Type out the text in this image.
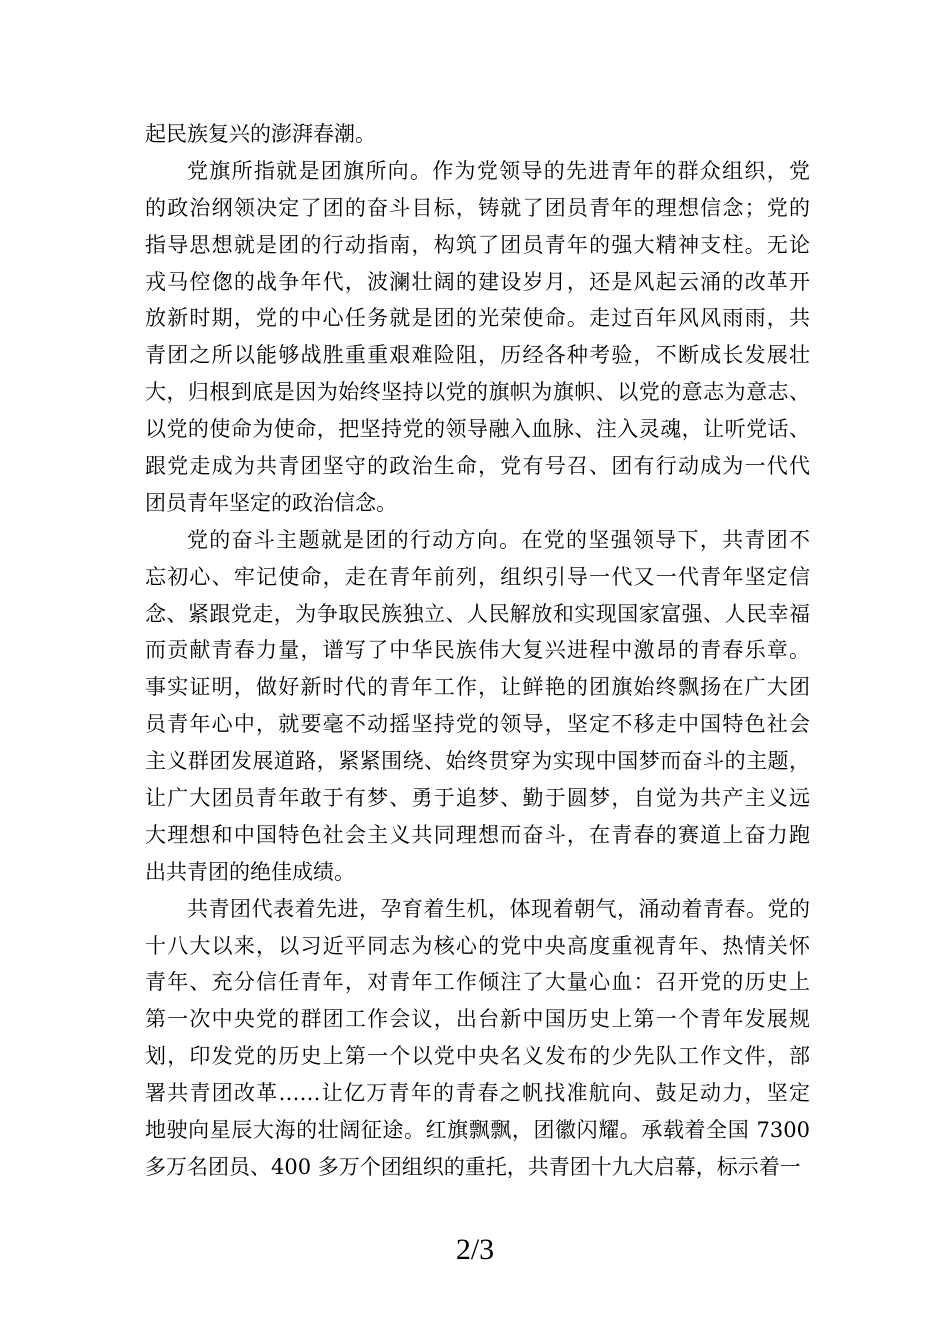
起民族复兴的澎湃春潮。
党旗所指就是团旗所向。作为党领导的先进青年的群众组织，党
的政治纲领决定了团的奋斗目标，铸就了团员青年的理想信念；党的
指导思想就是团的行动指南，构筑了团员青年的强大精神支柱。无论
戎马倥偬的战争年代，波澜壮阔的建设岁月，还是风起云涌的改革开
放新时期，党的中心任务就是团的光荣使命。走过百年风风雨雨，共
青团之所以能够战胜重重艰难险阻，历经各种考验，不断成长发展壮
大，归根到底是因为始终坚持以党的旗帜为旗帜、以党的意志为意志、
以党的使命为使命，把坚持党的领导融入血脉、注入灵魂，让听党话、
跟党走成为共青团坚守的政治生命，党有号召、团有行动成为一代代
团员青年坚定的政治信念。
党的奋斗主题就是团的行动方向。在党的坚强领导下，共青团不
忘初心、牢记使命，走在青年前列，组织引导一代又一代青年坚定信
念、紧跟党走，为争取民族独立、人民解放和实现国家富强、人民幸福
而贡献青春力量，谱写了中华民族伟大复兴进程中激昂的青春乐章。
事实证明，做好新时代的青年工作，让鲜艳的团旗始终飘扬在广大团
员青年心中，就要毫不动摇坚持党的领导，坚定不移走中国特色社会
主义群团发展道路，紧紧围绕、始终贯穿为实现中国梦而奋斗的主题，
让广大团员青年敢于有梦、勇于追梦、勤于圆梦，自觉为共产主义远
大理想和中国特色社会主义共同理想而奋斗，在青春的赛道上奋力跑
出共青团的绝佳成绩。
共青团代表着先进，孕育着生机，体现着朝气，涌动着青春。党的
十八大以来，以习近平同志为核心的党中央高度重视青年、热情关怀
青年、充分信任青年，对青年工作倾注了大量心血：召开党的历史上
第一次中央党的群团工作会议，出台新中国历史上第一个青年发展规
划，印发党的历史上第一个以党中央名义发布的少先队工作文件，部
署共青团改革……让亿万青年的青春之帆找准航向、鼓足动力，坚定
地驶向星辰大海的壮阔征途。红旗飘飘，团徽闪耀。承载着全国 7300
多万名团员、400 多万个团组织的重托，共青团十九大启幕，标示着一
2/3
